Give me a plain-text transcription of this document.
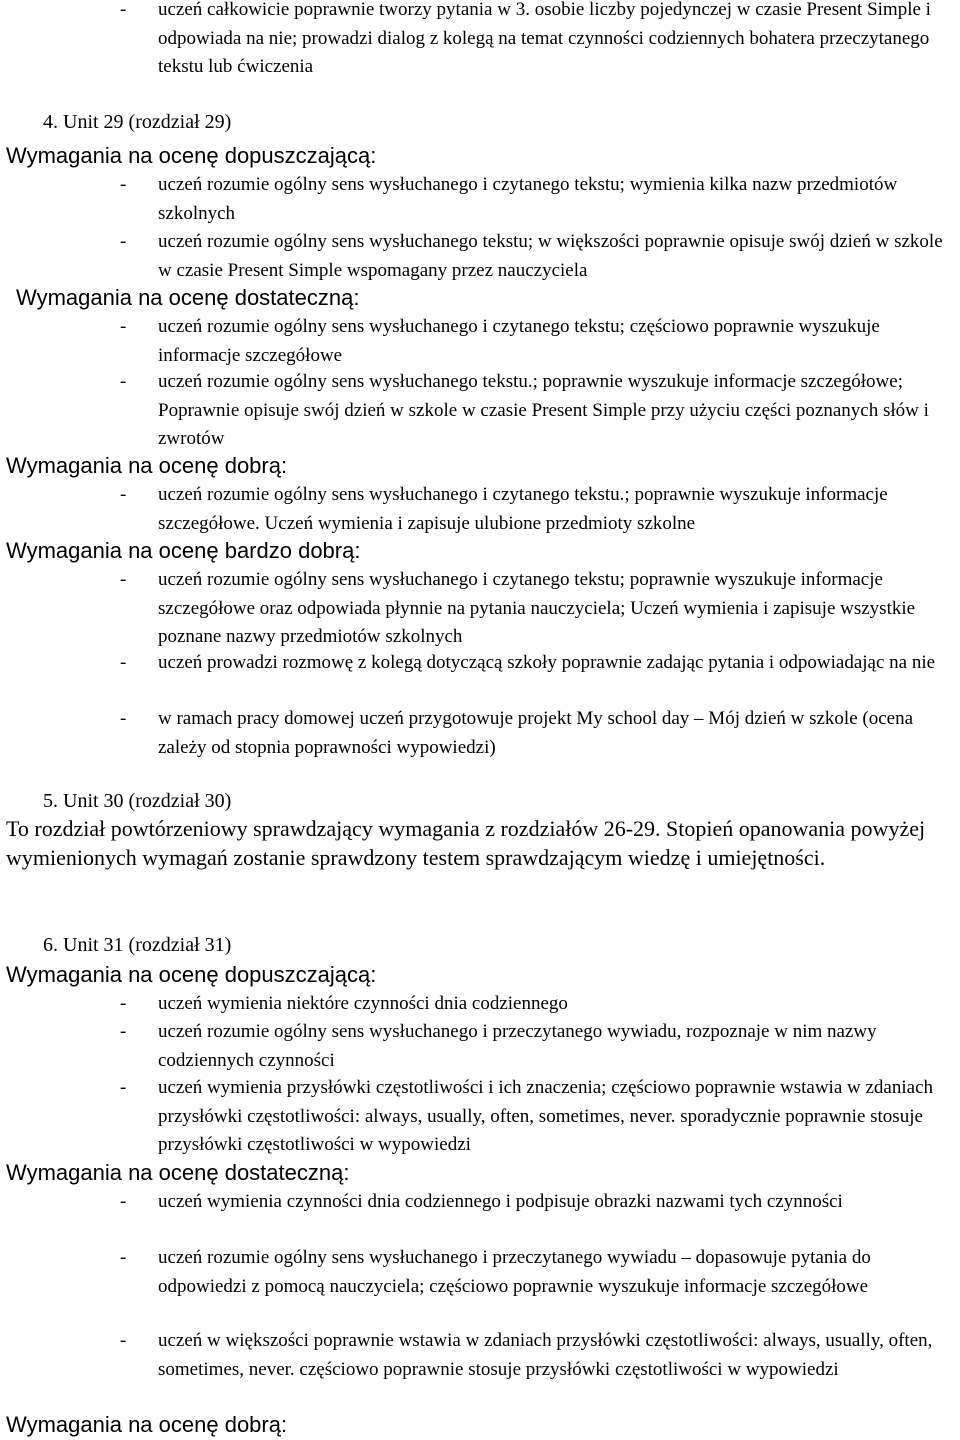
- uczeń całkowicie poprawnie tworzy pytania w 3. osobie liczby pojedynczej w czasie Present Simple i odpowiada na nie; prowadzi dialog z kolegą na temat czynności codziennych bohatera przeczytanego tekstu lub ćwiczenia
4. Unit 29 (rozdział 29)
Wymagania na ocenę dopuszczającą:
- uczeń rozumie ogólny sens wysłuchanego i czytanego tekstu; wymienia kilka nazw przedmiotów szkolnych
- uczeń rozumie ogólny sens wysłuchanego tekstu; w większości poprawnie opisuje swój dzień w szkole w czasie Present Simple wspomagany przez nauczyciela
Wymagania na ocenę dostateczną:
- uczeń rozumie ogólny sens wysłuchanego i czytanego tekstu; częściowo poprawnie wyszukuje informacje szczegółowe
- uczeń rozumie ogólny sens wysłuchanego tekstu.; poprawnie wyszukuje informacje szczegółowe; Poprawnie opisuje swój dzień w szkole w czasie Present Simple przy użyciu części poznanych słów i zwrotów
Wymagania na ocenę dobrą:
- uczeń rozumie ogólny sens wysłuchanego i czytanego tekstu.; poprawnie wyszukuje informacje szczegółowe. Uczeń wymienia i zapisuje ulubione przedmioty szkolne
Wymagania na ocenę bardzo dobrą:
- uczeń rozumie ogólny sens wysłuchanego i czytanego tekstu; poprawnie wyszukuje informacje szczegółowe oraz odpowiada płynnie na pytania nauczyciela; Uczeń wymienia i zapisuje wszystkie poznane nazwy przedmiotów szkolnych
- uczeń prowadzi rozmowę z kolegą dotyczącą szkoły poprawnie zadając pytania i odpowiadając na nie
- w ramach pracy domowej uczeń przygotowuje projekt My school day – Mój dzień w szkole (ocena zależy od stopnia poprawności wypowiedzi)
5. Unit 30 (rozdział 30)
To rozdział powtórzeniowy sprawdzający wymagania z rozdziałów 26-29. Stopień opanowania powyżej wymienionych wymagań zostanie sprawdzony testem sprawdzającym wiedzę i umiejętności.
6. Unit 31 (rozdział 31)
Wymagania na ocenę dopuszczającą:
- uczeń wymienia niektóre czynności dnia codziennego
- uczeń rozumie ogólny sens wysłuchanego i przeczytanego wywiadu, rozpoznaje w nim nazwy codziennych czynności
- uczeń wymienia przysłówki częstotliwości i ich znaczenia; częściowo poprawnie wstawia w zdaniach przysłówki częstotliwości: always, usually, often, sometimes, never. sporadycznie poprawnie stosuje przysłówki częstotliwości w wypowiedzi
Wymagania na ocenę dostateczną:
- uczeń wymienia czynności dnia codziennego i podpisuje obrazki nazwami tych czynności
- uczeń rozumie ogólny sens wysłuchanego i przeczytanego wywiadu – dopasowuje pytania do odpowiedzi z pomocą nauczyciela; częściowo poprawnie wyszukuje informacje szczegółowe
- uczeń w większości poprawnie wstawia w zdaniach przysłówki częstotliwości: always, usually, often, sometimes, never. częściowo poprawnie stosuje przysłówki częstotliwości w wypowiedzi
Wymagania na ocenę dobrą:
